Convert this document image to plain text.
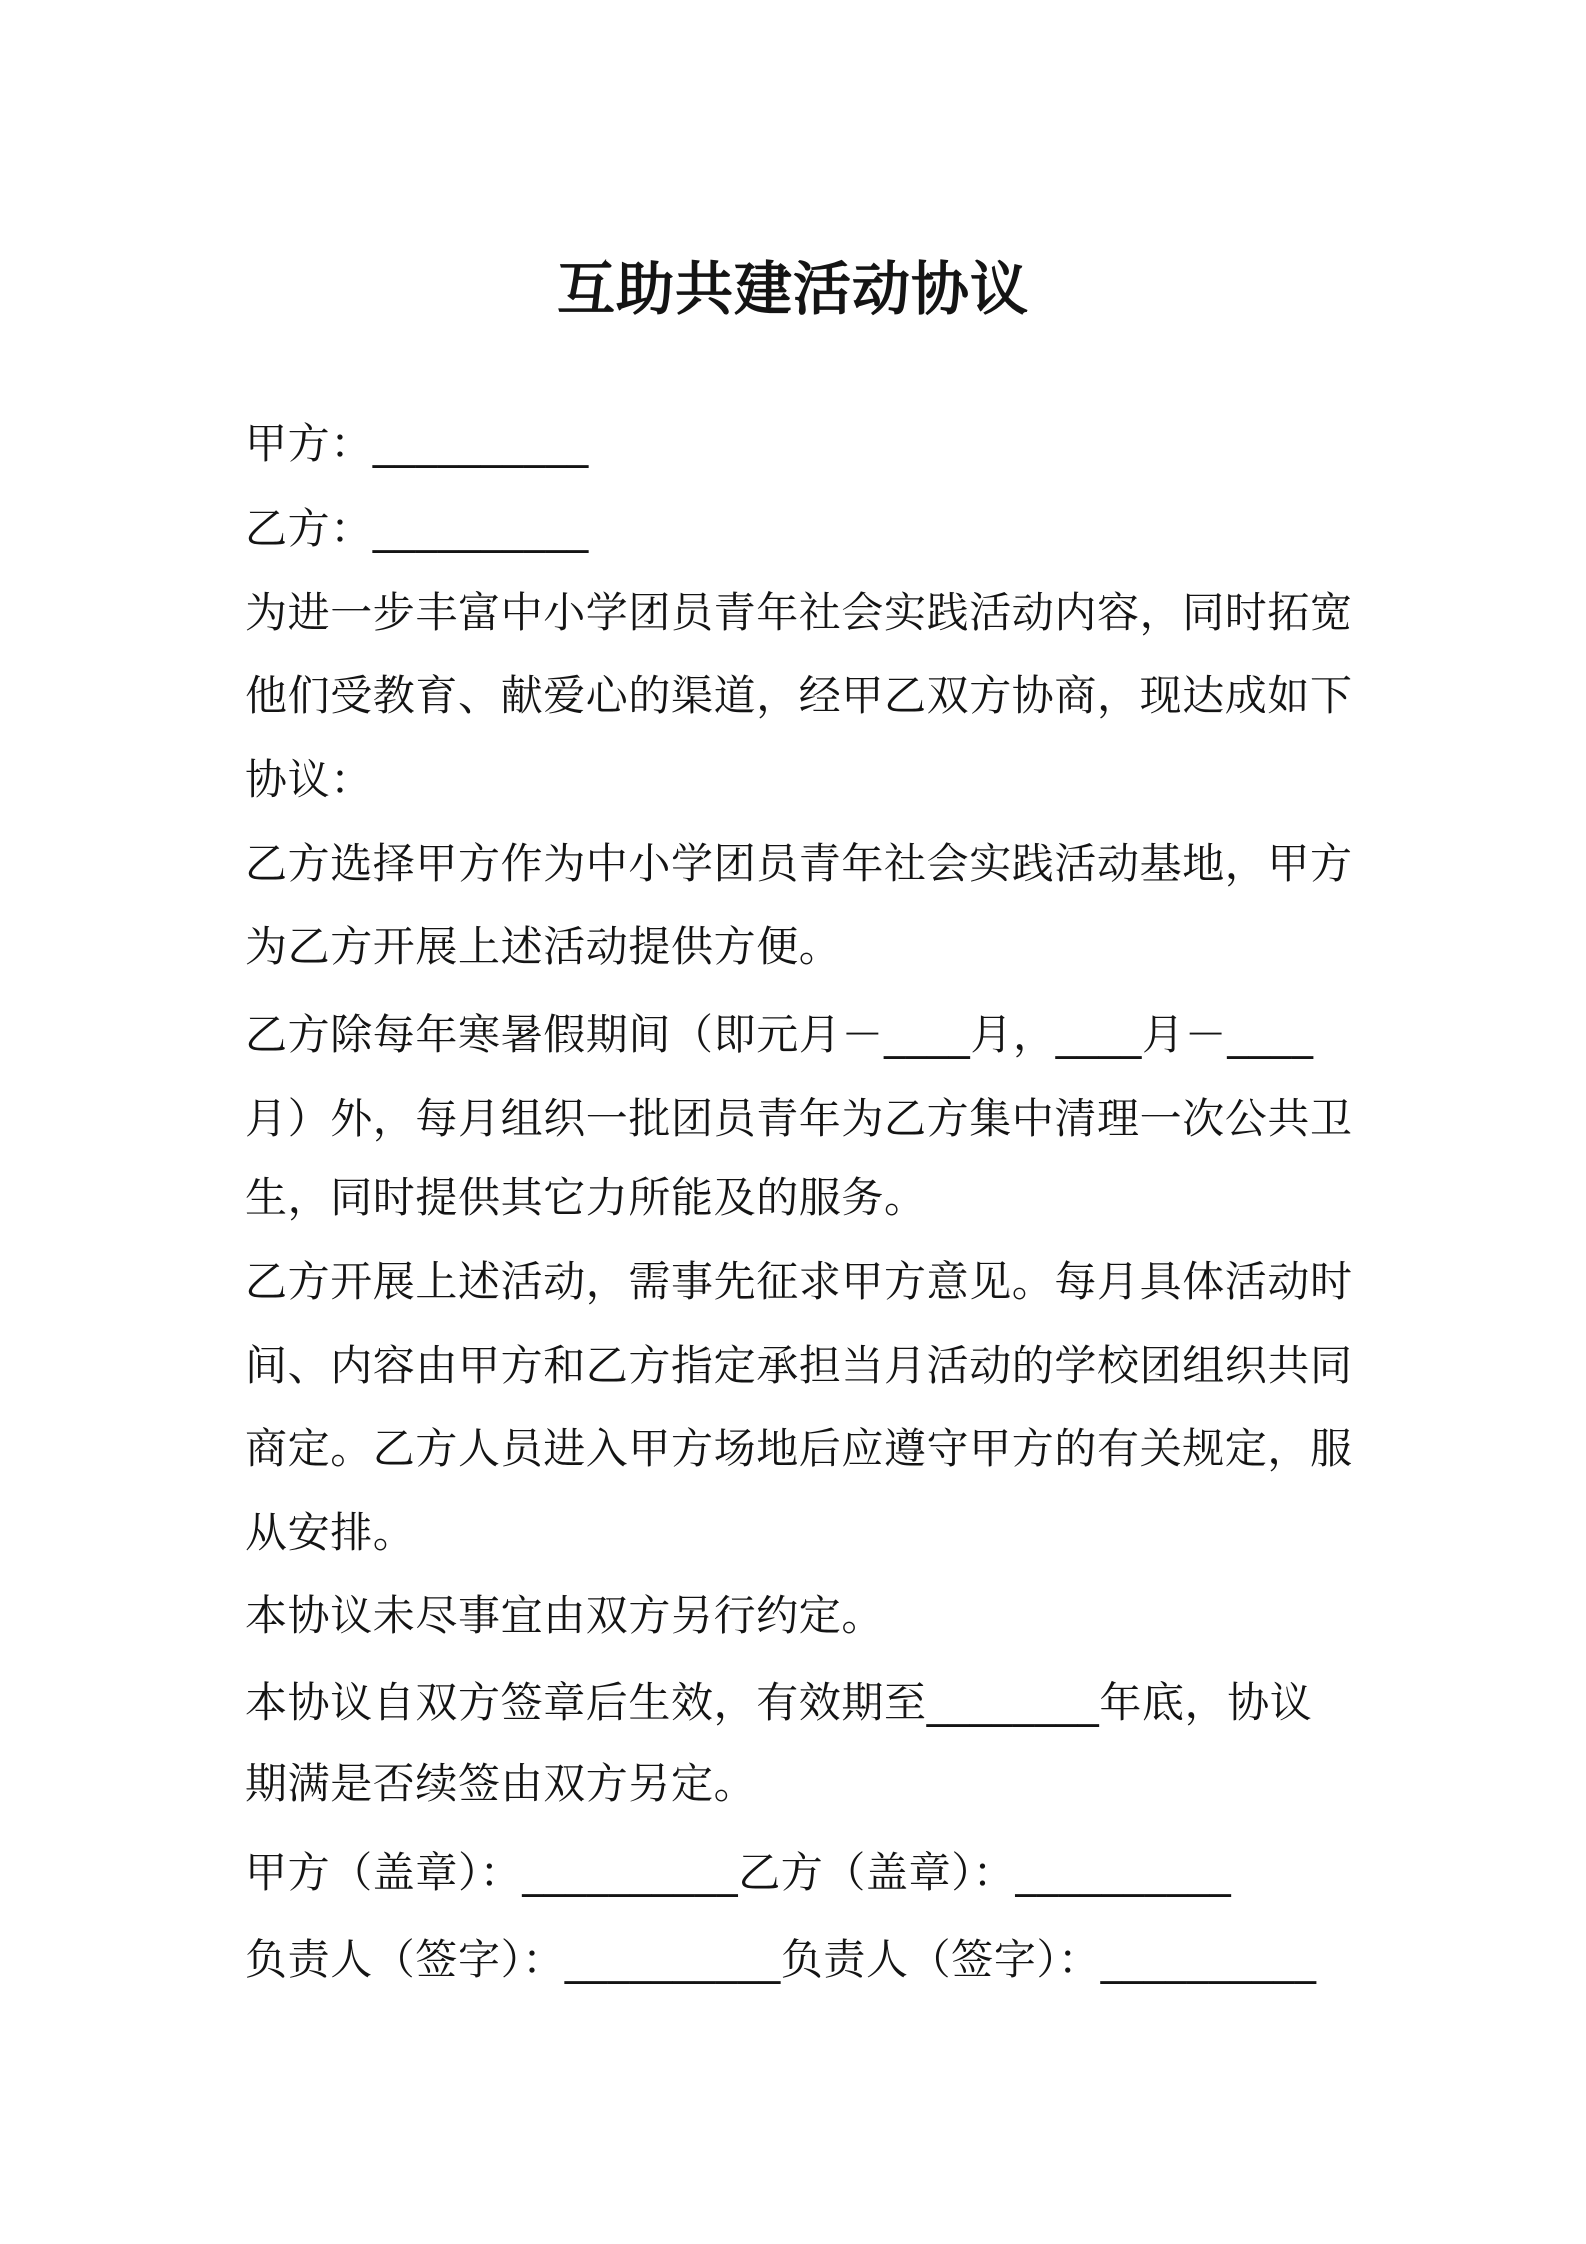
互助共建活动协议
甲方：__________
乙方：__________
为进一步丰富中小学团员青年社会实践活动内容，同时拓宽
他们受教育、献爱心的渠道，经甲乙双方协商，现达成如下
协议：
乙方选择甲方作为中小学团员青年社会实践活动基地，甲方
为乙方开展上述活动提供方便。
乙方除每年寒暑假期间（即元月－____月，____月－____
月）外，每月组织一批团员青年为乙方集中清理一次公共卫
生，同时提供其它力所能及的服务。
乙方开展上述活动，需事先征求甲方意见。每月具体活动时
间、内容由甲方和乙方指定承担当月活动的学校团组织共同
商定。乙方人员进入甲方场地后应遵守甲方的有关规定，服
从安排。
本协议未尽事宜由双方另行约定。
本协议自双方签章后生效，有效期至________年底，协议
期满是否续签由双方另定。
甲方（盖章）：__________乙方（盖章）：__________
负责人（签字）：__________负责人（签字）：__________
